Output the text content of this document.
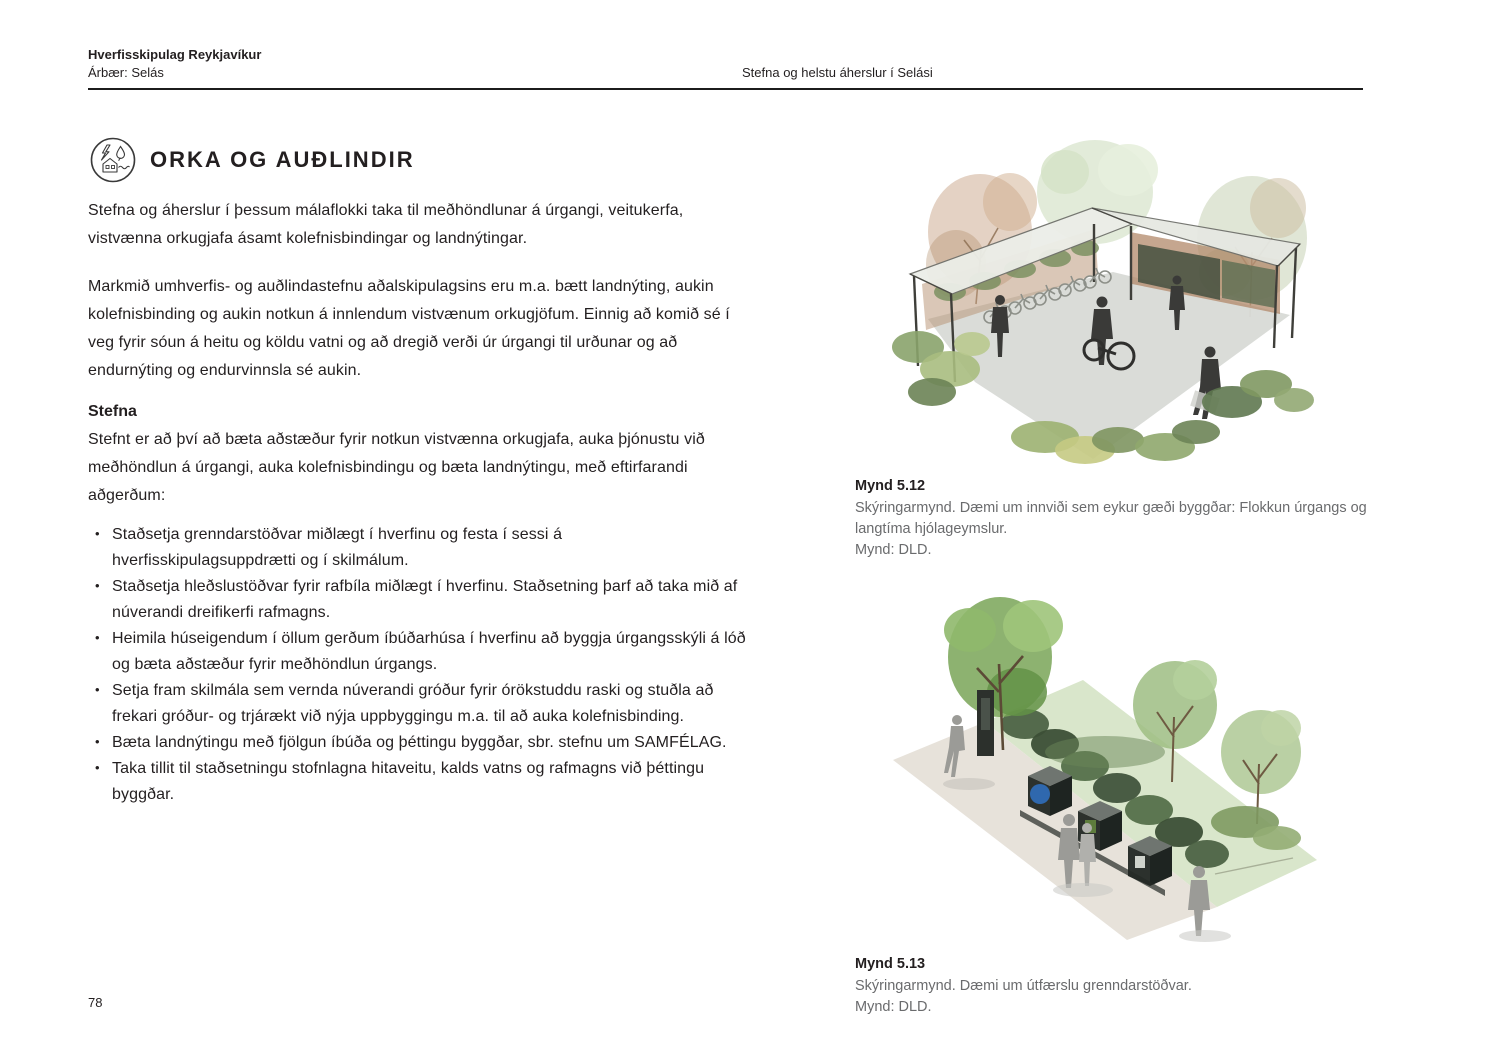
Hverfisskipulag Reykjavíkur
Árbær: Selás	Stefna og helstu áherslur í Selási
ORKA OG AUÐLINDIR

Stefna og áherslur í þessum málaflokki taka til meðhöndlunar á úrgangi, veitukerfa, vistvænna orkugjafa ásamt kolefnisbindingar og landnýtingar.

Markmið umhverfis- og auðlindastefnu aðalskipulagsins eru m.a. bætt landnýting, aukin kolefnisbinding og aukin notkun á innlendum vistvænum orkugjöfum. Einnig að komið sé í veg fyrir sóun á heitu og köldu vatni og að dregið verði úr úrgangi til urðunar og að endurnýting og endurvinnsla sé aukin.

Stefna

Stefnt er að því að bæta aðstæður fyrir notkun vistvænna orkugjafa, auka þjónustu við meðhöndlun á úrgangi, auka kolefnisbindingu og bæta landnýtingu, með eftirfarandi aðgerðum:

• Staðsetja grenndarstöðvar miðlægt í hverfinu og festa í sessi á hverfisskipulagsuppdrætti og í skilmálum.
• Staðsetja hleðslustöðvar fyrir rafbíla miðlægt í hverfinu. Staðsetning þarf að taka mið af núverandi dreifikerfi rafmagns.
• Heimila húseigendum í öllum gerðum íbúðarhúsa í hverfinu að byggja úrgangsskýli á lóð og bæta aðstæður fyrir meðhöndlun úrgangs.
• Setja fram skilmála sem vernda núverandi gróður fyrir órökstuddu raski og stuðla að frekari gróður- og trjárækt við nýja uppbyggingu m.a. til að auka kolefnisbinding.
• Bæta landnýtingu með fjölgun íbúða og þéttingu byggðar, sbr. stefnu um SAMFÉLAG.
• Taka tillit til staðsetningu stofnlagna hitaveitu, kalds vatns og rafmagns við þéttingu byggðar.
Mynd 5.12
Skýringarmynd. Dæmi um innviði sem eykur gæði byggðar: Flokkun úrgangs og langtíma hjólageymslur.
Mynd: DLD.
Mynd 5.13
Skýringarmynd. Dæmi um útfærslu grenndarstöðvar.
Mynd: DLD.
78
